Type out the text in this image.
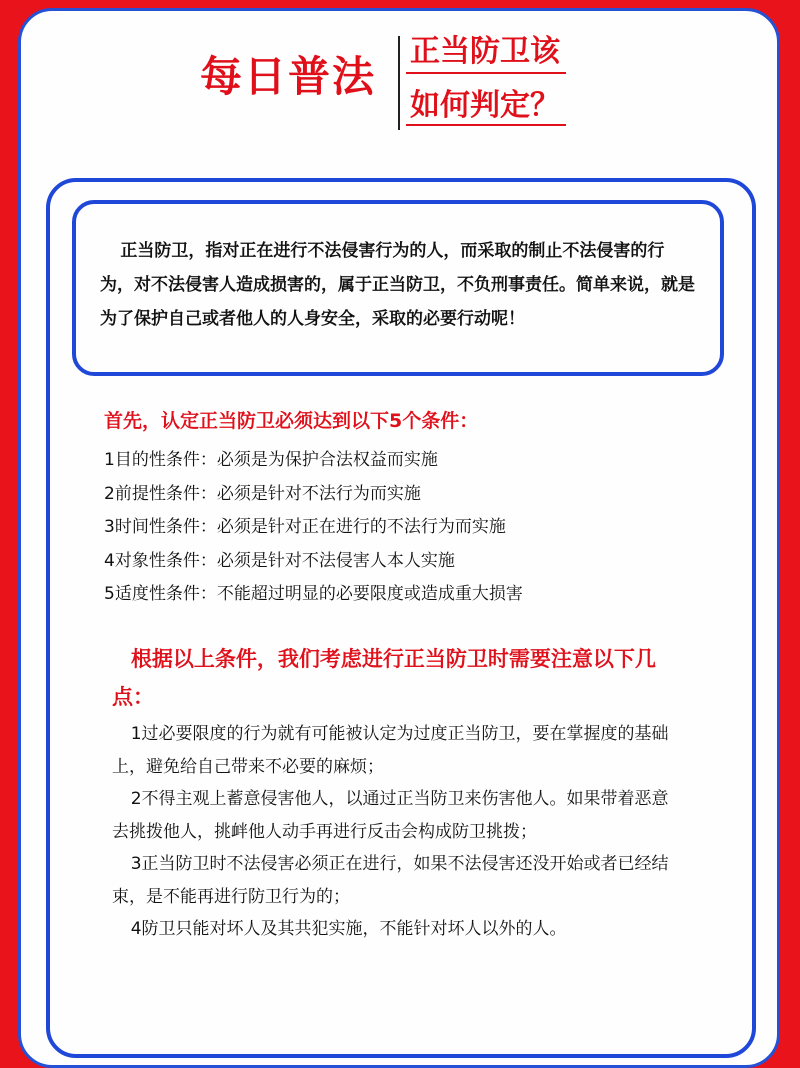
每日普法
正当防卫该
如何判定？

正当防卫，指对正在进行不法侵害行为的人，而采取的制止不法侵害的行为，对不法侵害人造成损害的，属于正当防卫，不负刑事责任。简单来说，就是为了保护自己或者他人的人身安全，采取的必要行动呢！

首先，认定正当防卫必须达到以下5个条件：
1目的性条件：必须是为保护合法权益而实施
2前提性条件：必须是针对不法行为而实施
3时间性条件：必须是针对正在进行的不法行为而实施
4对象性条件：必须是针对不法侵害人本人实施
5适度性条件：不能超过明显的必要限度或造成重大损害

根据以上条件，我们考虑进行正当防卫时需要注意以下几点：

1过必要限度的行为就有可能被认定为过度正当防卫，要在掌握度的基础上，避免给自己带来不必要的麻烦；
2不得主观上蓄意侵害他人，以通过正当防卫来伤害他人。如果带着恶意去挑拨他人，挑衅他人动手再进行反击会构成防卫挑拨；
3正当防卫时不法侵害必须正在进行，如果不法侵害还没开始或者已经结束，是不能再进行防卫行为的；
4防卫只能对坏人及其共犯实施，不能针对坏人以外的人。
